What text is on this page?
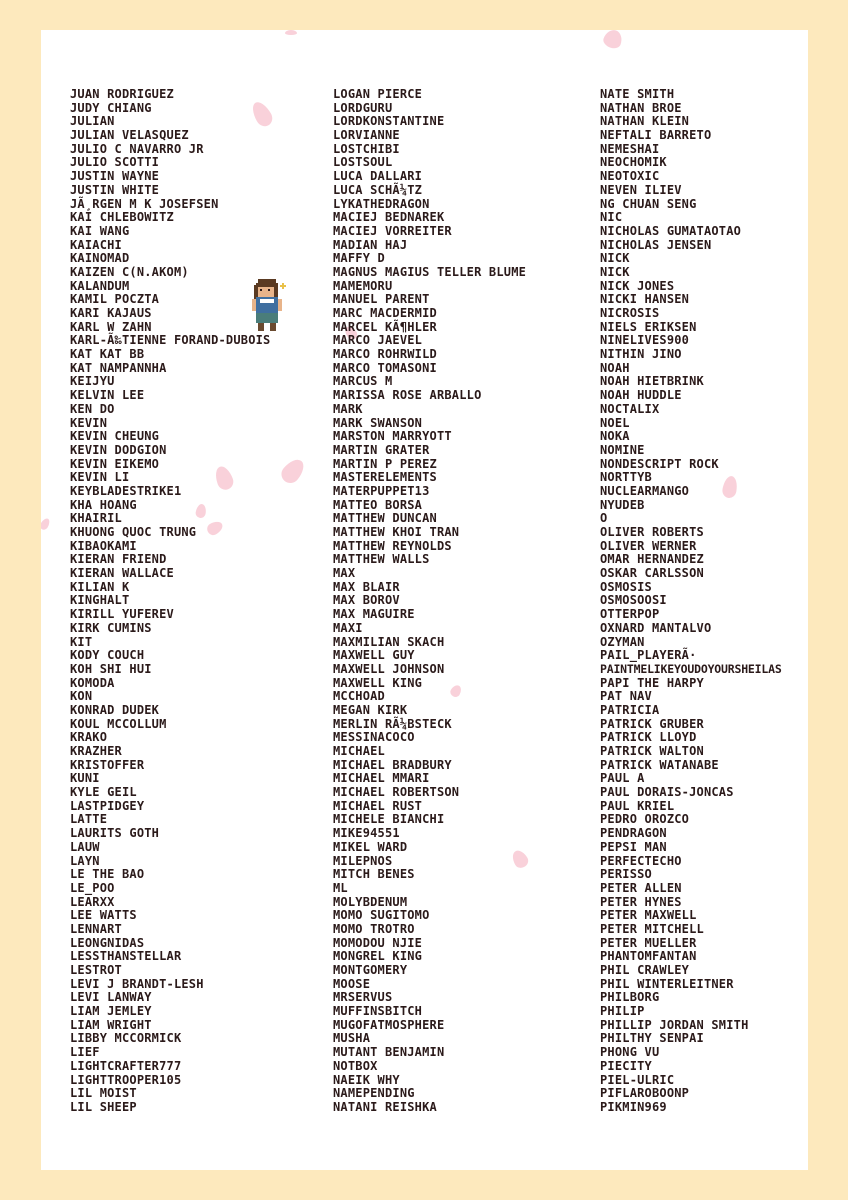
JUAN RODRIGUEZ
JUDY CHIANG
JULIAN
JULIAN VELASQUEZ
JULIO C NAVARRO JR
JULIO SCOTTI
JUSTIN WAYNE
JUSTIN WHITE
JÃ¸RGEN M K JOSEFSEN
KAI CHLEBOWITZ
KAI WANG
KAIACHI
KAINOMAD
KAIZEN C(N.AKOM)
KALANDUM
KAMIL POCZTA
KARI KAJAUS
KARL W ZAHN
KARL-Ã‰TIENNE FORAND-DUBOIS
KAT KAT BB
KAT NAMPANNHA
KEIJYU
KELVIN LEE
KEN DO
KEVIN
KEVIN CHEUNG
KEVIN DODGION
KEVIN EIKEMO
KEVIN LI
KEYBLADESTRIKE1
KHA HOANG
KHAIRIL
KHUONG QUOC TRUNG
KIBAOKAMI
KIERAN FRIEND
KIERAN WALLACE
KILIAN K
KINGHALT
KIRILL YUFEREV
KIRK CUMINS
KIT
KODY COUCH
KOH SHI HUI
KOMODA
KON
KONRAD DUDEK
KOUL MCCOLLUM
KRAKO
KRAZHER
KRISTOFFER
KUNI
KYLE GEIL
LASTPIDGEY
LATTE
LAURITS GOTH
LAUW
LAYN
LE THE BAO
LE_POO
LEARXX
LEE WATTS
LENNART
LEONGNIDAS
LESSTHANSTELLAR
LESTROT
LEVI J BRANDT-LESH
LEVI LANWAY
LIAM JEMLEY
LIAM WRIGHT
LIBBY MCCORMICK
LIEF
LIGHTCRAFTER777
LIGHTTROOPER105
LIL MOIST
LIL SHEEP
LOGAN PIERCE
LORDGURU
LORDKONSTANTINE
LORVIANNE
LOSTCHIBI
LOSTSOUL
LUCA DALLARI
LUCA SCHÃ¼TZ
LYKATHEDRAGON
MACIEJ BEDNAREK
MACIEJ VORREITER
MADIAN HAJ
MAFFY D
MAGNUS MAGIUS TELLER BLUME
MAMEMORU
MANUEL PARENT
MARC MACDERMID
MARCEL KÃ¶HLER
MARCO JAEVEL
MARCO ROHRWILD
MARCO TOMASONI
MARCUS M
MARISSA ROSE ARBALLO
MARK
MARK SWANSON
MARSTON MARRYOTT
MARTIN GRATER
MARTIN P PEREZ
MASTERELEMENTS
MATERPUPPET13
MATTEO BORSA
MATTHEW DUNCAN
MATTHEW KHOI TRAN
MATTHEW REYNOLDS
MATTHEW WALLS
MAX
MAX BLAIR
MAX BOROV
MAX MAGUIRE
MAXI
MAXMILIAN SKACH
MAXWELL GUY
MAXWELL JOHNSON
MAXWELL KING
MCCHOAD
MEGAN KIRK
MERLIN RÃ¼BSTECK
MESSINACOCO
MICHAEL
MICHAEL BRADBURY
MICHAEL MMARI
MICHAEL ROBERTSON
MICHAEL RUST
MICHELE BIANCHI
MIKE94551
MIKEL WARD
MILEPNOS
MITCH BENES
ML
MOLYBDENUM
MOMO SUGITOMO
MOMO TROTRO
MOMODOU NJIE
MONGREL KING
MONTGOMERY
MOOSE
MRSERVUS
MUFFINSBITCH
MUGOFATMOSPHERE
MUSHA
MUTANT BENJAMIN
NOTBOX
NAEIK WHY
NAMEPENDING
NATANI REISHKA
NATE SMITH
NATHAN BROE
NATHAN KLEIN
NEFTALI BARRETO
NEMESHAI
NEOCHOMIK
NEOTOXIC
NEVEN ILIEV
NG CHUAN SENG
NIC
NICHOLAS GUMATAOTAO
NICHOLAS JENSEN
NICK
NICK
NICK JONES
NICKI HANSEN
NICROSIS
NIELS ERIKSEN
NINELIVES900
NITHIN JINO
NOAH
NOAH HIETBRINK
NOAH HUDDLE
NOCTALIX
NOEL
NOKA
NOMINE
NONDESCRIPT ROCK
NORTTYB
NUCLEARMANGO
NYUDEB
O
OLIVER ROBERTS
OLIVER WERNER
OMAR HERNANDEZ
OSKAR CARLSSON
OSMOSIS
OSMOSOOSI
OTTERPOP
OXNARD MANTALVO
OZYMAN
PAIL_PLAYERÃ·
PAINTMELIKEYOUDOYOURSHEILAS
PAPI THE HARPY
PAT NAV
PATRICIA
PATRICK GRUBER
PATRICK LLOYD
PATRICK WALTON
PATRICK WATANABE
PAUL A
PAUL DORAIS-JONCAS
PAUL KRIEL
PEDRO OROZCO
PENDRAGON
PEPSI MAN
PERFECTECHO
PERISSO
PETER ALLEN
PETER HYNES
PETER MAXWELL
PETER MITCHELL
PETER MUELLER
PHANTOMFANTAN
PHIL CRAWLEY
PHIL WINTERLEITNER
PHILBORG
PHILIP
PHILLIP JORDAN SMITH
PHILTHY SENPAI
PHONG VU
PIECITY
PIEL-ULRIC
PIFLAROBOONP
PIKMIN969
